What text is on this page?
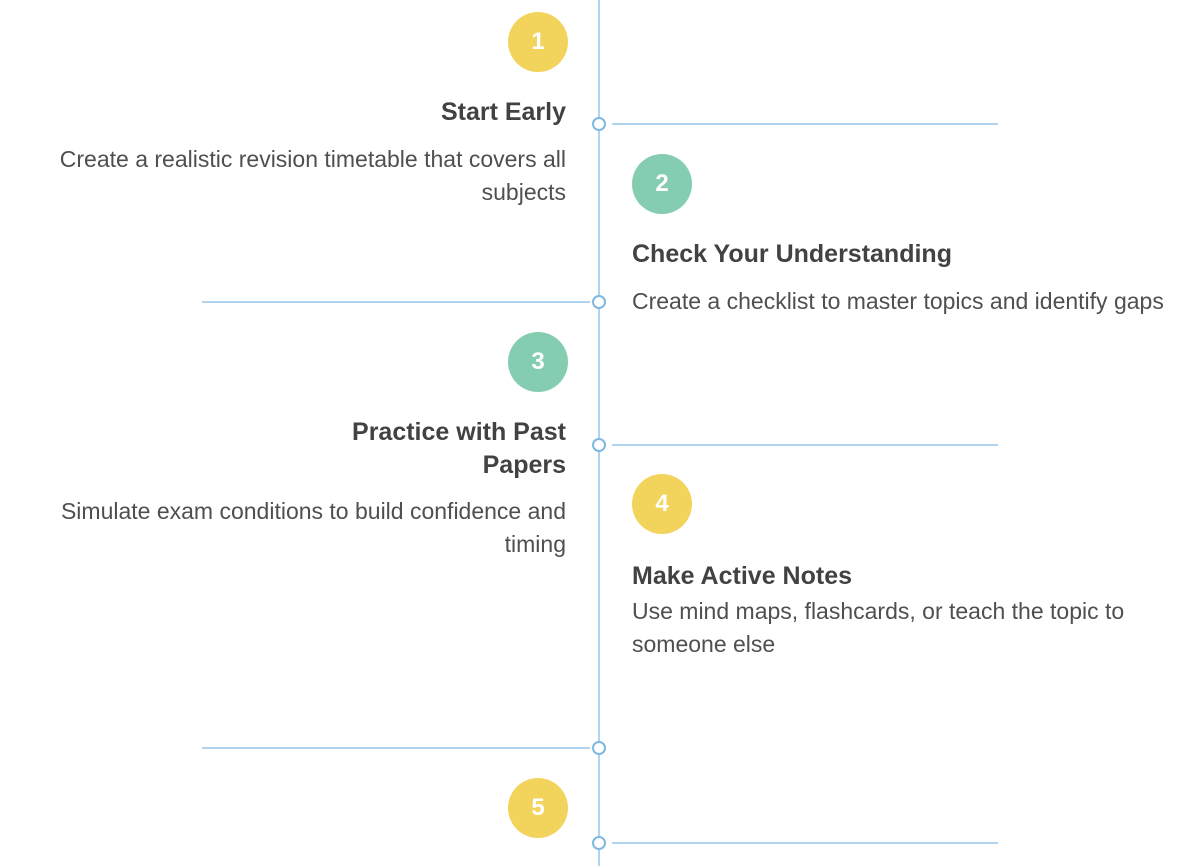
1

Start Early

Create a realistic revision timetable that covers all subjects	2

Check Your Understanding

Create a checklist to master topics and identify gaps

3

Practice with Past Papers

Simulate exam conditions to build confidence and timing

4

Make Active Notes

Use mind maps, flashcards, or teach the topic to someone else

5
